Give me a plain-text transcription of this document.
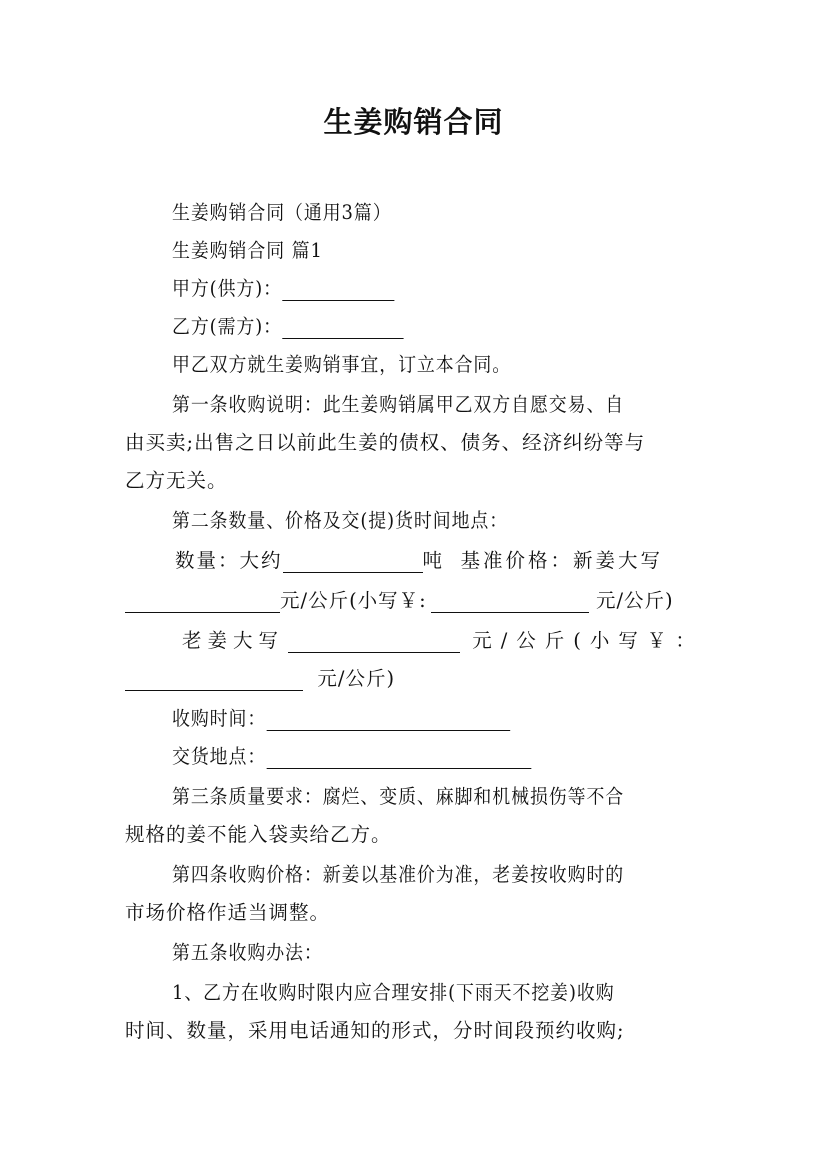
生姜购销合同
生姜购销合同（通用3篇）
生姜购销合同 篇1
甲方(供方)：
乙方(需方)：
甲乙双方就生姜购销事宜，订立本合同。
第一条收购说明：此生姜购销属甲乙双方自愿交易、自
由买卖;出售之日以前此生姜的债权、债务、经济纠纷等与
乙方无关。
第二条数量、价格及交(提)货时间地点：
数量：大约	吨 基准价格：新姜大写
元/公斤(小写￥:	元/公斤)
老姜大写	元/公斤(小写￥：
元/公斤)
收购时间：
交货地点：
第三条质量要求：腐烂、变质、麻脚和机械损伤等不合
规格的姜不能入袋卖给乙方。
第四条收购价格：新姜以基准价为准，老姜按收购时的
市场价格作适当调整。
第五条收购办法：
1、乙方在收购时限内应合理安排(下雨天不挖姜)收购
时间、数量，采用电话通知的形式，分时间段预约收购;
